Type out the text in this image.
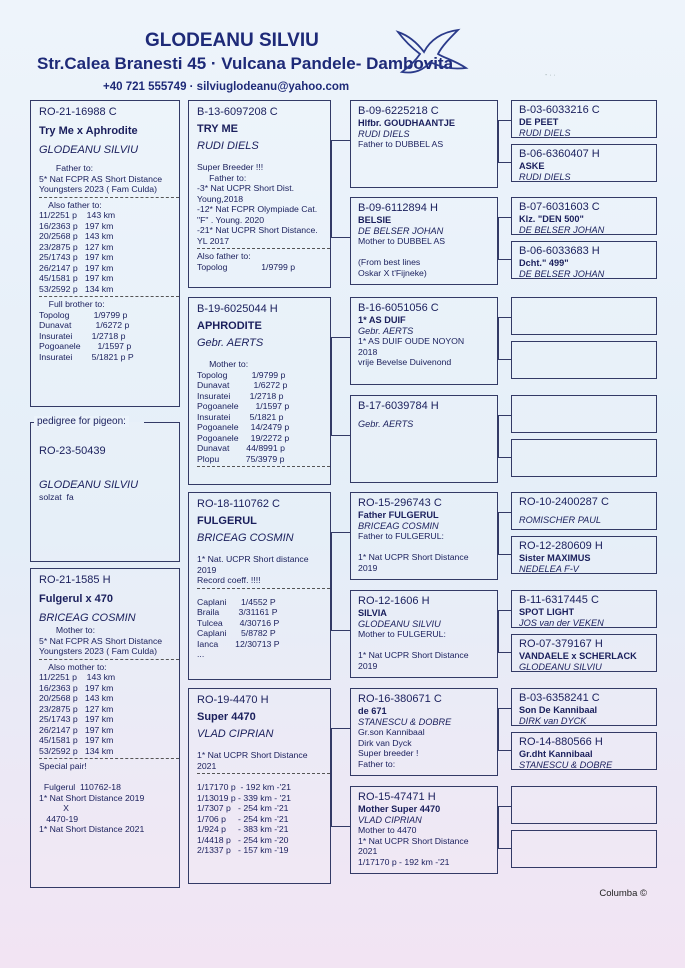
GLODEANU SILVIU
Str.Calea Branesti 45 · Vulcana Pandele- Dambovita
+40 721 555749 · silviuglodeanu@yahoo.com
- · ·
RO-23-50439
GLODEANU SILVIU
solzat  fa
pedigree for pigeon:
RO-21-16988 C
Try Me x Aphrodite
GLODEANU SILVIU
Father to:
5* Nat FCPR AS Short Distance
Youngsters 2023 ( Fam Culda)
Also father to:
11/2251 p    143 km
16/2363 p   197 km
20/2568 p   143 km
23/2875 p   127 km
25/1743 p   197 km
26/2147 p   197 km
45/1581 p   197 km
53/2592 p   134 km
Full brother to:
Topolog          1/9799 p
Dunavat          1/6272 p
Insuratei        1/2718 p
Pogoanele       1/1597 p
Insuratei        5/1821 p P
RO-21-1585 H
Fulgerul x 470
BRICEAG COSMIN
Mother to:
5* Nat FCPR AS Short Distance
Youngsters 2023 ( Fam Culda)
Also mother to:
11/2251 p    143 km
16/2363 p   197 km
20/2568 p   143 km
23/2875 p   127 km
25/1743 p   197 km
26/2147 p   197 km
45/1581 p   197 km
53/2592 p   134 km
Special pair!

Fulgerul  110762-18
1* Nat Short Distance 2019
X
4470-19
1* Nat Short Distance 2021
B-13-6097208 C
TRY ME
RUDI DIELS
Super Breeder !!!
Father to:
-3* Nat UCPR Short Dist.
Young,2018
-12* Nat FCPR Olympiade Cat.
"F" . Young. 2020
-21* Nat UCPR Short Distance.
YL 2017
Also father to:
Topolog              1/9799 p
B-19-6025044 H
APHRODITE
Gebr. AERTS
Mother to:
Topolog          1/9799 p
Dunavat          1/6272 p
Insuratei        1/2718 p
Pogoanele       1/1597 p
Insuratei        5/1821 p
Pogoanele     14/2479 p
Pogoanele     19/2272 p
Dunavat       44/8991 p
Plopu           75/3979 p
RO-18-110762 C
FULGERUL
BRICEAG COSMIN
1* Nat. UCPR Short distance
2019
Record coeff. !!!!
Caplani      1/4552 P
Braila        3/31161 P
Tulcea       4/30716 P
Caplani      5/8782 P
Ianca       12/30713 P
...
RO-19-4470 H
Super 4470
VLAD CIPRIAN
1* Nat UCPR Short Distance
2021
1/17170 p  - 192 km -'21
1/13019 p - 339 km - '21
1/7307 p   - 254 km -'21
1/706 p     - 254 km -'21
1/924 p     - 383 km -'21
1/4418 p   - 254 km -'20
2/1337 p   - 157 km -'19
B-09-6225218 C
Hlfbr. GOUDHAANTJE
RUDI DIELS
Father to DUBBEL AS
B-09-6112894 H
BELSIE
DE BELSER JOHAN
Mother to DUBBEL AS

(From best lines
Oskar X t'Fijneke)
B-16-6051056 C
1* AS DUIF
Gebr. AERTS
1* AS DUIF OUDE NOYON
2018
vrije Bevelse Duivenond
B-17-6039784 H
Gebr. AERTS
RO-15-296743 C
Father FULGERUL
BRICEAG COSMIN
Father to FULGERUL:

1* Nat UCPR Short Distance
2019
RO-12-1606 H
SILVIA
GLODEANU SILVIU
Mother to FULGERUL:

1* Nat UCPR Short Distance
2019
RO-16-380671 C
de 671
STANESCU & DOBRE
Gr.son Kannibaal
Dirk van Dyck
Super breeder !
Father to:
RO-15-47471 H
Mother Super 4470
VLAD CIPRIAN
Mother to 4470
1* Nat UCPR Short Distance
2021
1/17170 p - 192 km -'21
B-03-6033216 C
DE PEET
RUDI DIELS
B-06-6360407 H
ASKE
RUDI DIELS
B-07-6031603 C
Klz. "DEN 500"
DE BELSER JOHAN
B-06-6033683 H
Dcht." 499"
DE BELSER JOHAN
RO-10-2400287 C
ROMISCHER PAUL
RO-12-280609 H
Sister MAXIMUS
NEDELEA F-V
B-11-6317445 C
SPOT LIGHT
JOS van der VEKEN
RO-07-379167 H
VANDAELE x SCHERLACK
GLODEANU SILVIU
B-03-6358241 C
Son De Kannibaal
DIRK van DYCK
RO-14-880566 H
Gr.dht Kannibaal
STANESCU & DOBRE
Columba ©
